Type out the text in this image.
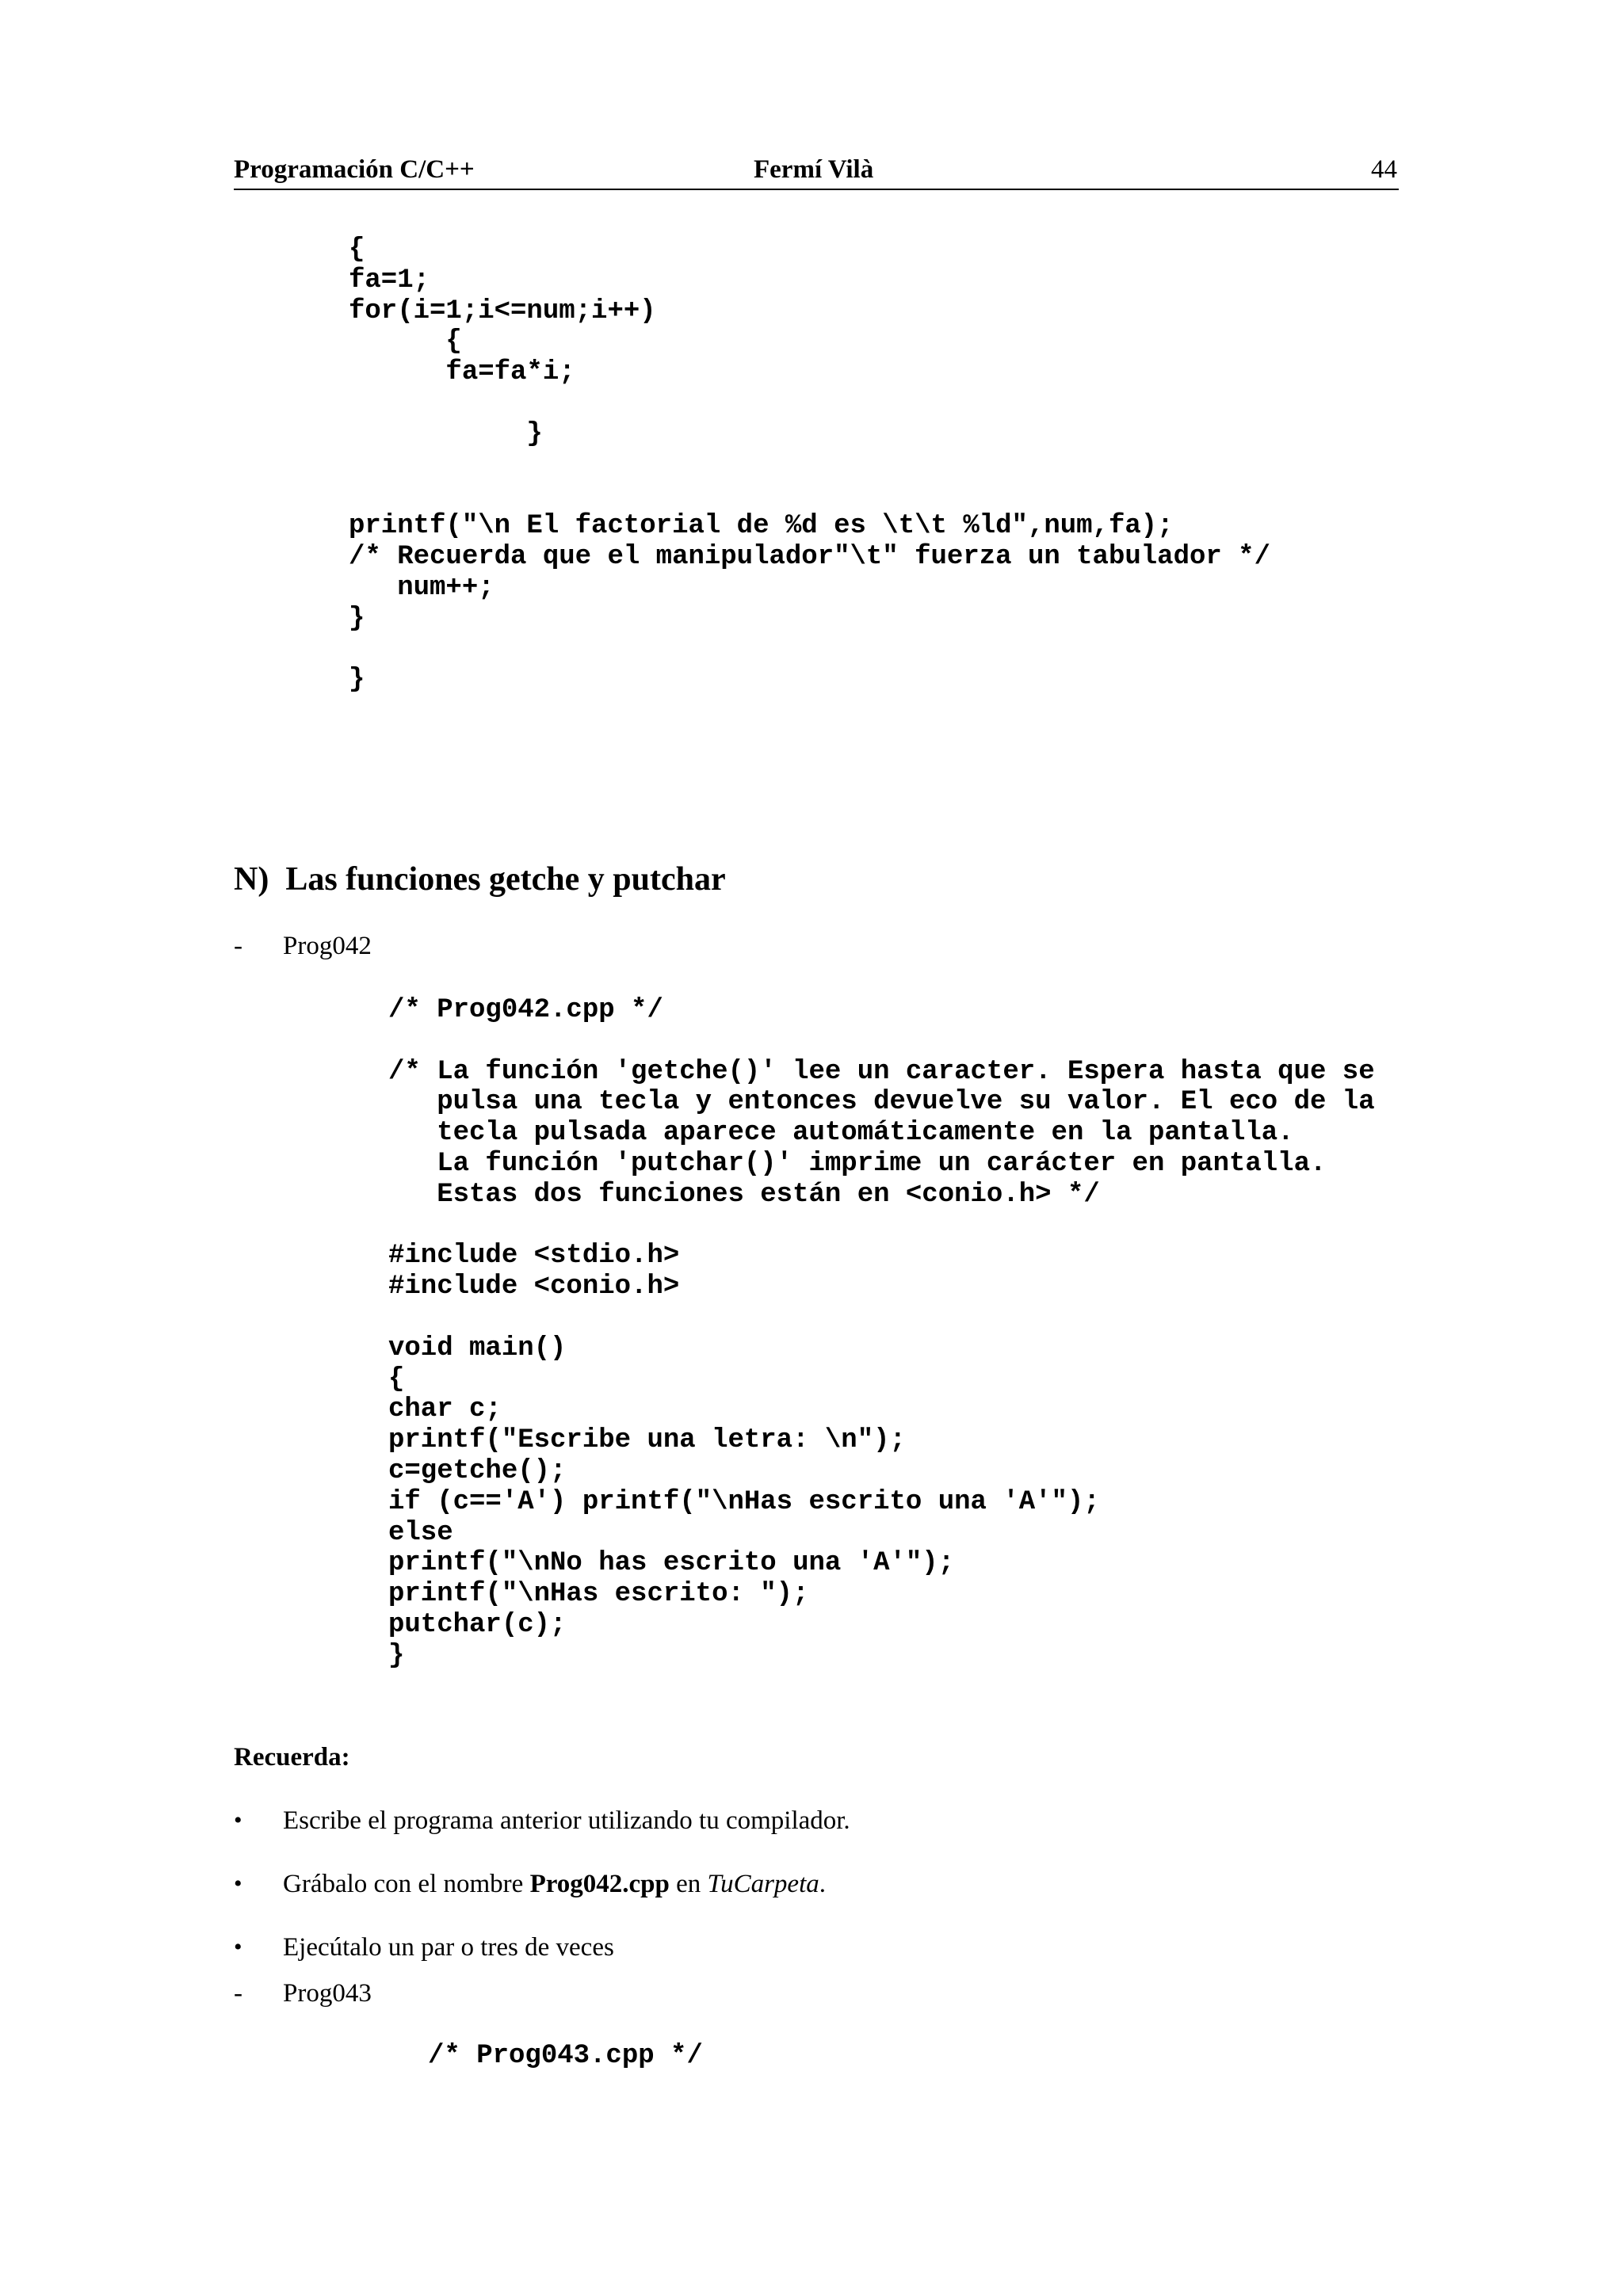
Programación C/C++	Fermí Vilà	44
{
fa=1;
for(i=1;i<=num;i++)
{
fa=fa*i;

}

printf("\n El factorial de %d es \t\t %ld",num,fa);
/* Recuerda que el manipulador"\t" fuerza un tabulador */
num++;
}

}
N)  Las funciones getche y putchar
- Prog042
/* Prog042.cpp */

/* La función 'getche()' lee un caracter. Espera hasta que se
pulsa una tecla y entonces devuelve su valor. El eco de la
tecla pulsada aparece automáticamente en la pantalla.
La función 'putchar()' imprime un carácter en pantalla.
Estas dos funciones están en <conio.h> */

#include <stdio.h>
#include <conio.h>

void main()
{
char c;
printf("Escribe una letra: \n");
c=getche();
if (c=='A') printf("\nHas escrito una 'A'");
else
printf("\nNo has escrito una 'A'");
printf("\nHas escrito: ");
putchar(c);
}
Recuerda:

• Escribe el programa anterior utilizando tu compilador.

• Grábalo con el nombre Prog042.cpp en TuCarpeta.

• Ejecútalo un par o tres de veces

- Prog043
/* Prog043.cpp */
